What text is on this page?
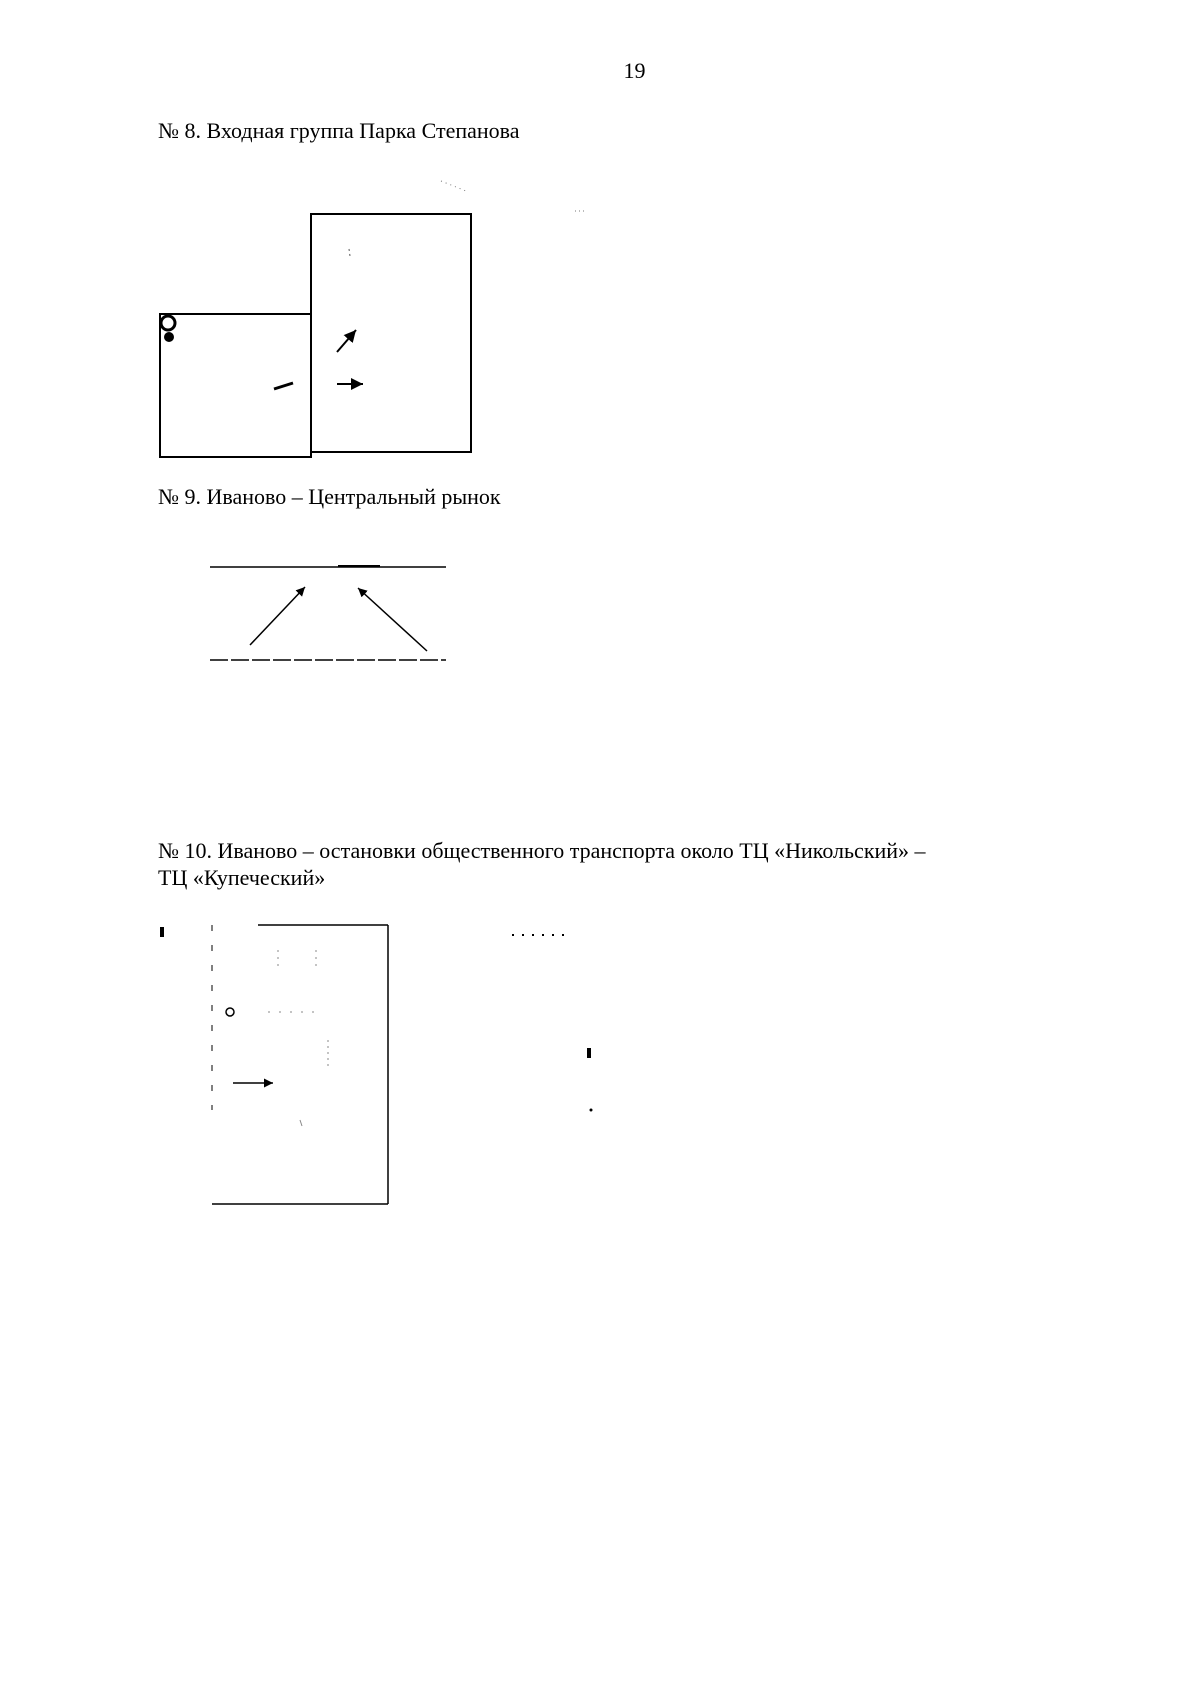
19
№ 8. Входная группа Парка Степанова
№ 9. Иваново – Центральный рынок
№ 10. Иваново – остановки общественного транспорта около ТЦ «Никольский» –
ТЦ «Купеческий»
